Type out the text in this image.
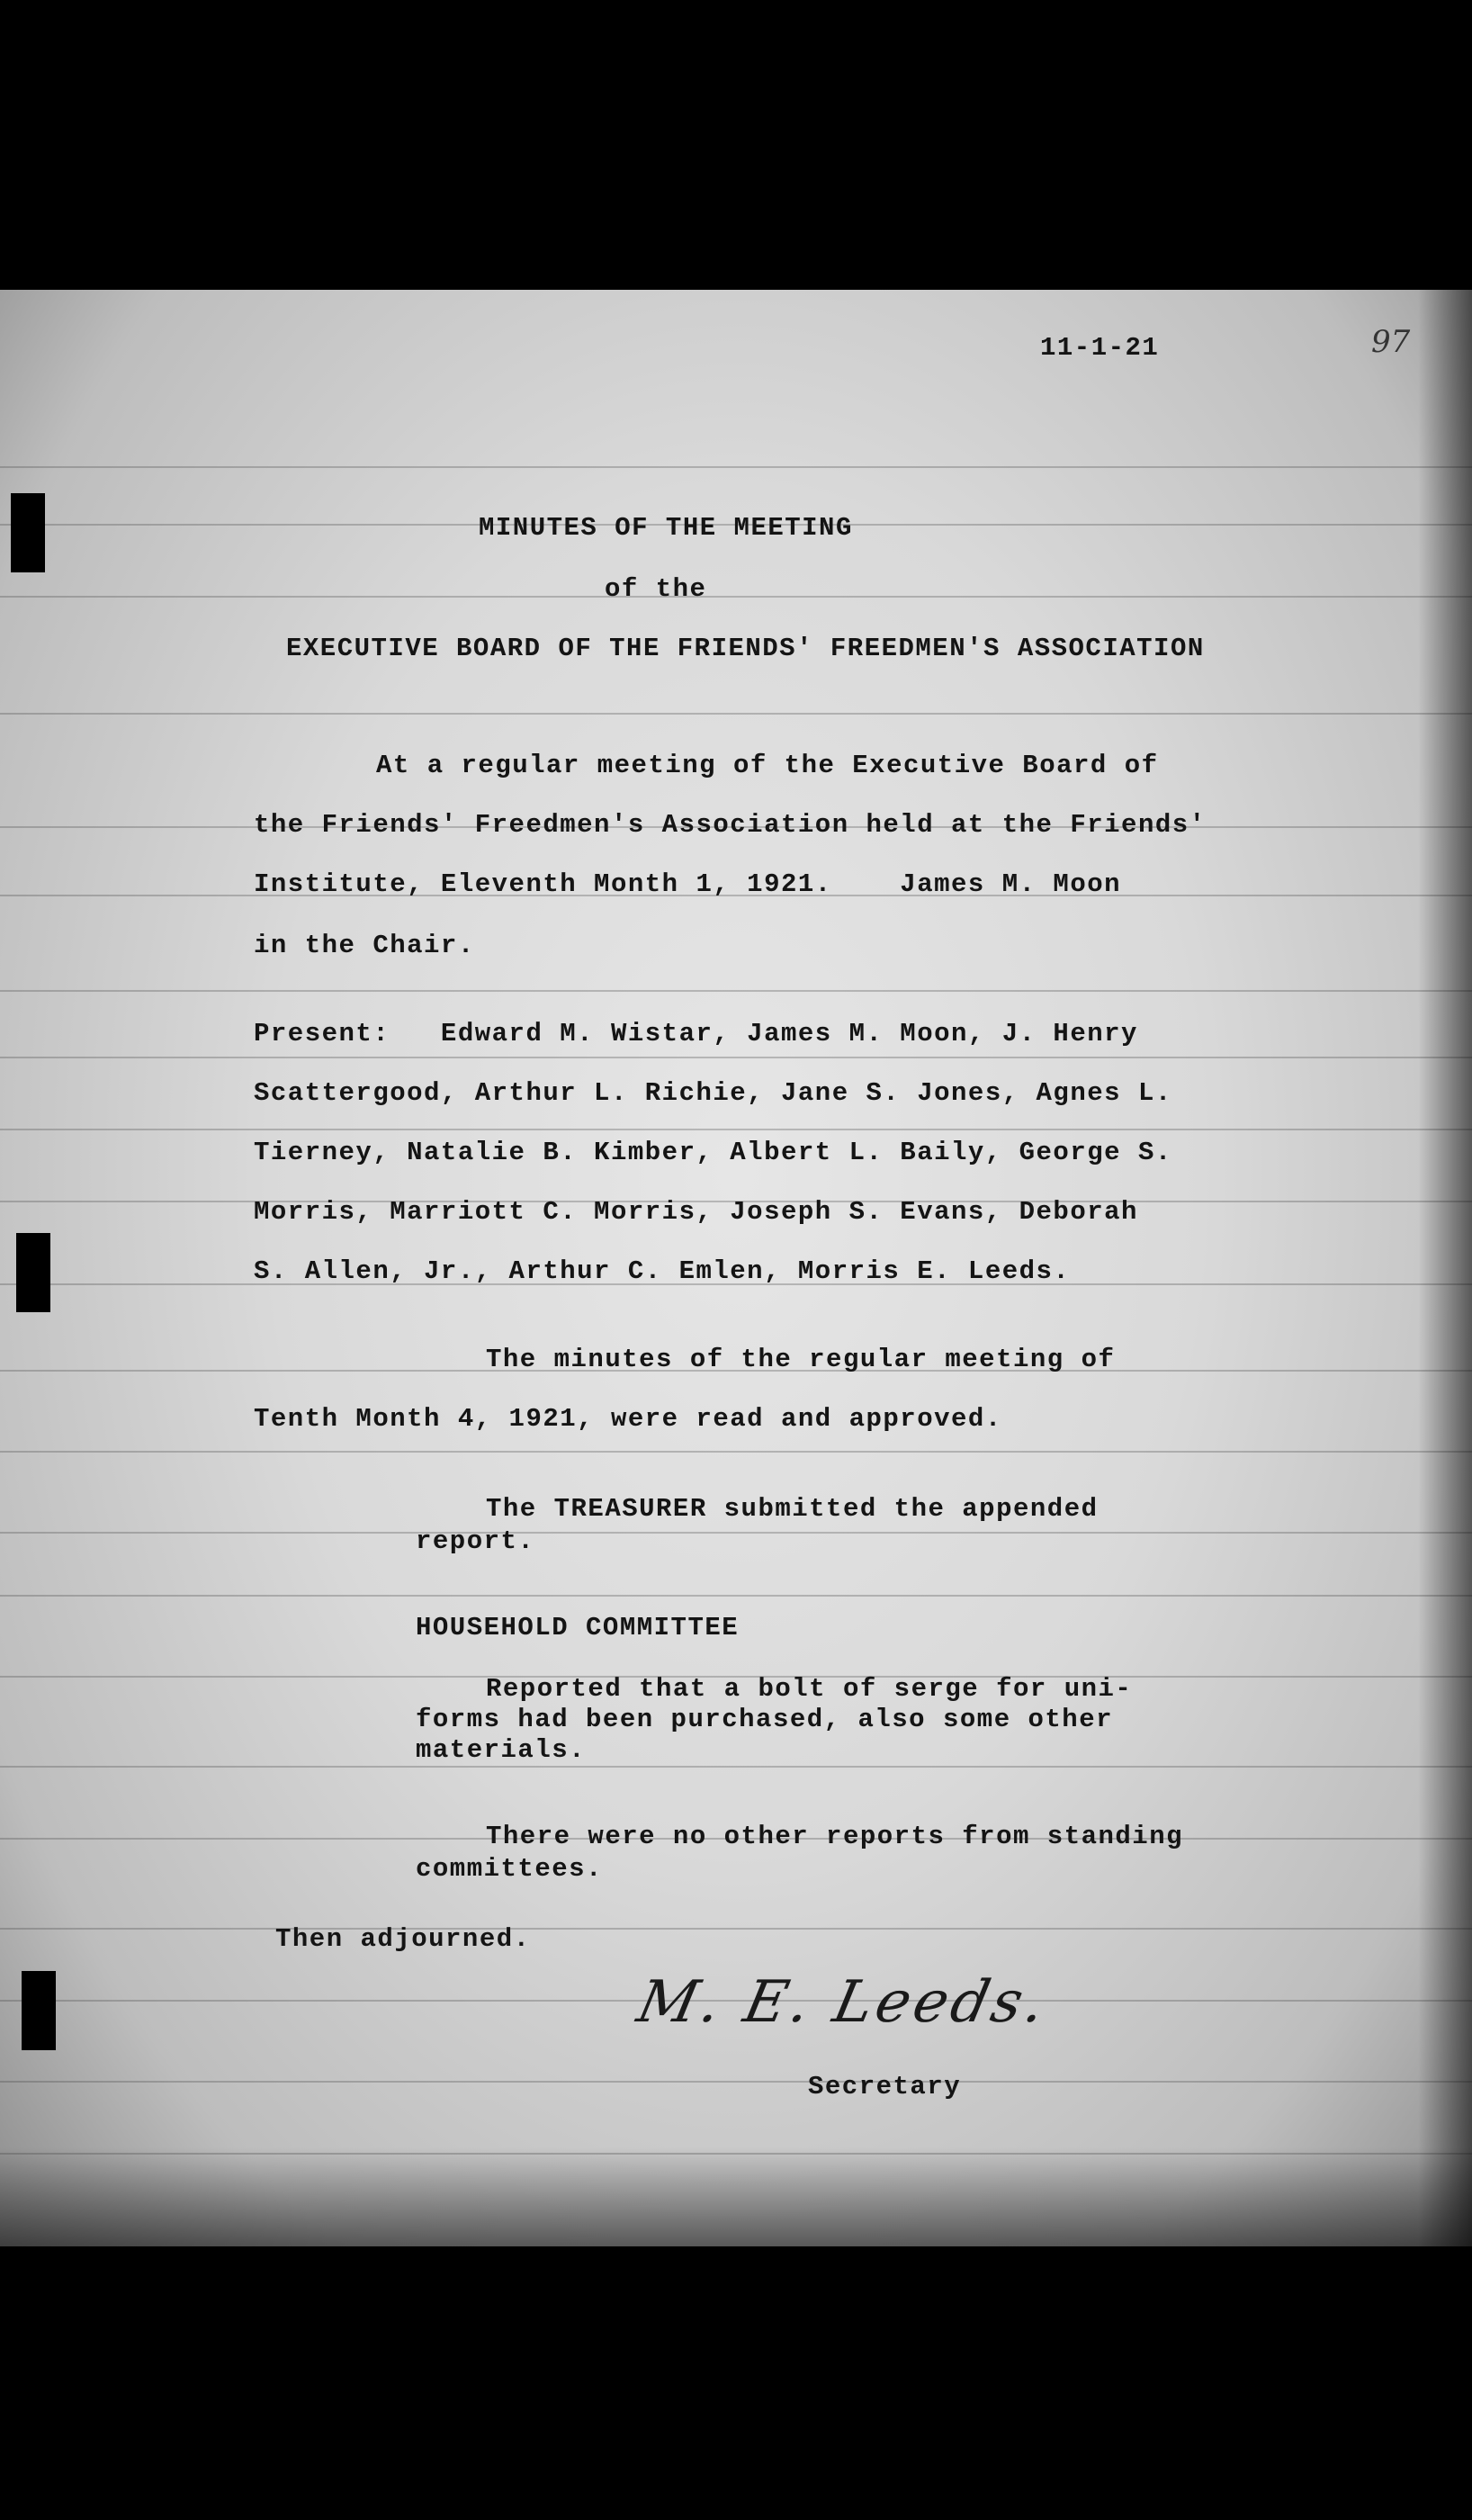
11-1-21	97
MINUTES OF THE MEETING
of the
EXECUTIVE BOARD OF THE FRIENDS' FREEDMEN'S ASSOCIATION
At a regular meeting of the Executive Board of
the Friends' Freedmen's Association held at the Friends'
Institute, Eleventh Month 1, 1921.    James M. Moon
in the Chair.
Present:   Edward M. Wistar, James M. Moon, J. Henry
Scattergood, Arthur L. Richie, Jane S. Jones, Agnes L.
Tierney, Natalie B. Kimber, Albert L. Baily, George S.
Morris, Marriott C. Morris, Joseph S. Evans, Deborah
S. Allen, Jr., Arthur C. Emlen, Morris E. Leeds.
The minutes of the regular meeting of
Tenth Month 4, 1921, were read and approved.
The TREASURER submitted the appended
report.
HOUSEHOLD COMMITTEE
Reported that a bolt of serge for uni-
forms had been purchased, also some other
materials.
There were no other reports from standing
committees.
Then adjourned.
M. E. Leeds.
Secretary
